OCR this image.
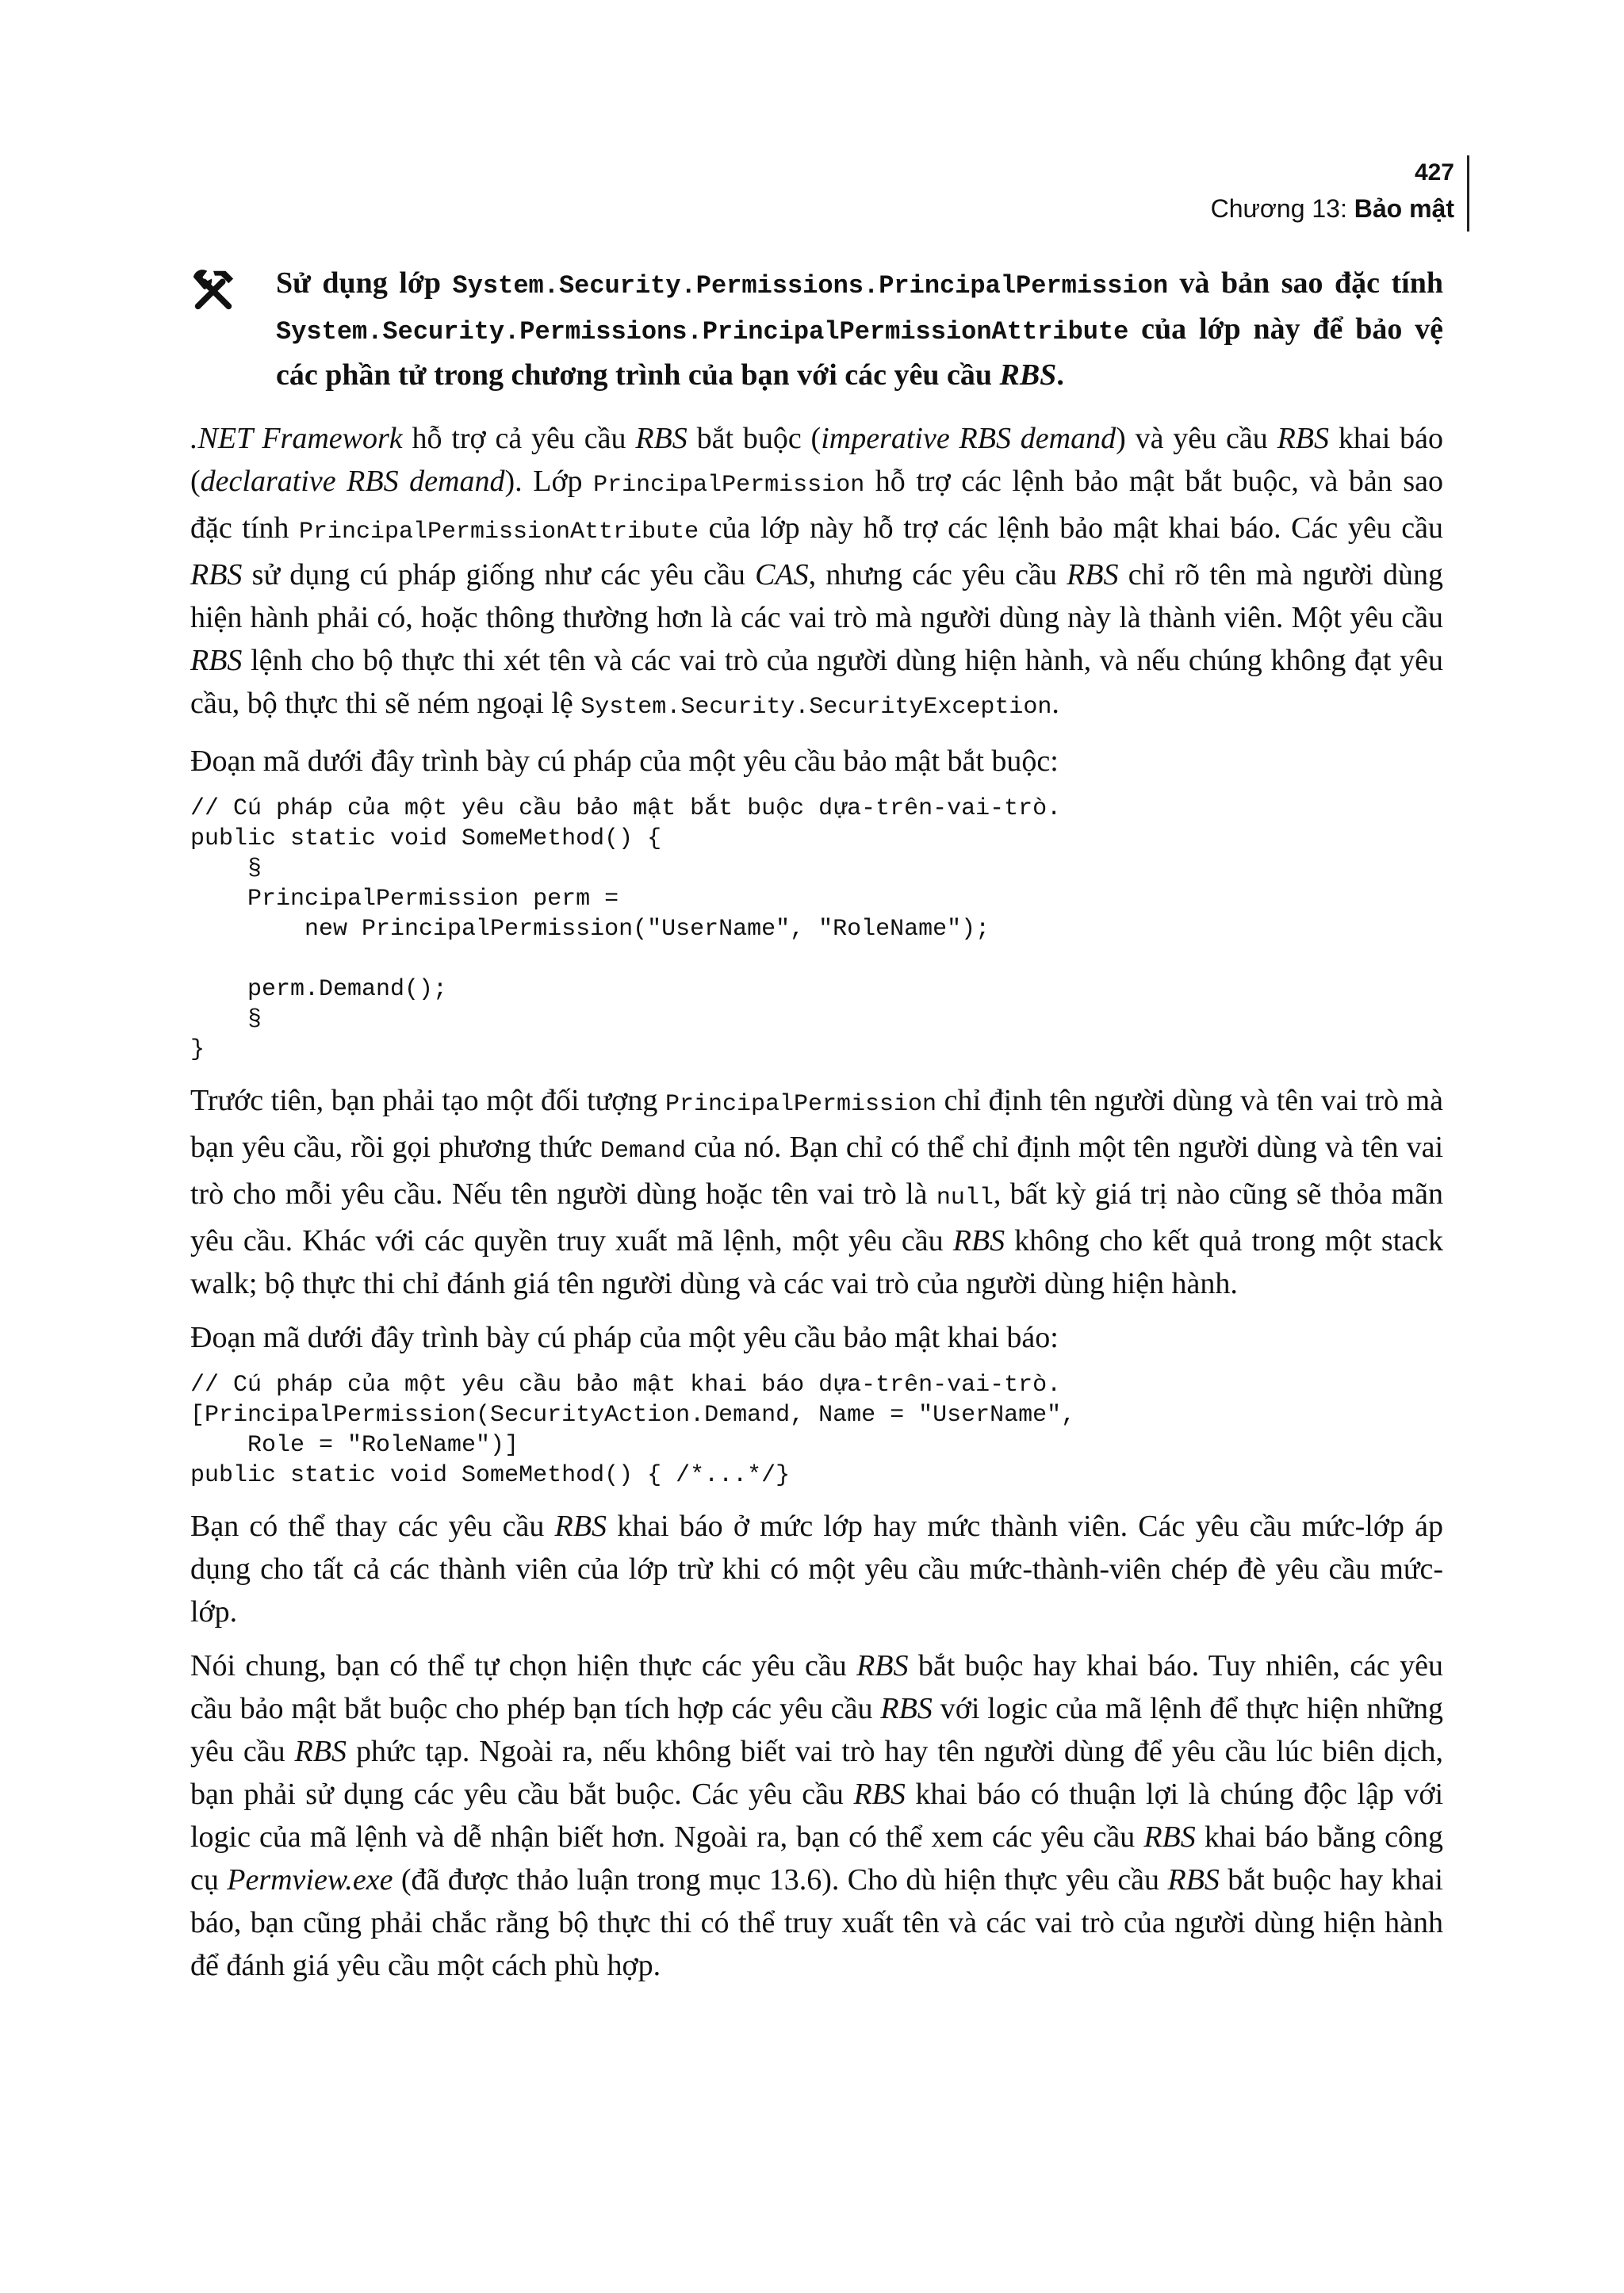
427
Chương 13: Bảo mật
Sử dụng lớp System.Security.Permissions.PrincipalPermission và bản sao đặc tính System.Security.Permissions.PrincipalPermissionAttribute của lớp này để bảo vệ các phần tử trong chương trình của bạn với các yêu cầu RBS.

.NET Framework hỗ trợ cả yêu cầu RBS bắt buộc (imperative RBS demand) và yêu cầu RBS khai báo (declarative RBS demand). Lớp PrincipalPermission hỗ trợ các lệnh bảo mật bắt buộc, và bản sao đặc tính PrincipalPermissionAttribute của lớp này hỗ trợ các lệnh bảo mật khai báo. Các yêu cầu RBS sử dụng cú pháp giống như các yêu cầu CAS, nhưng các yêu cầu RBS chỉ rõ tên mà người dùng hiện hành phải có, hoặc thông thường hơn là các vai trò mà người dùng này là thành viên. Một yêu cầu RBS lệnh cho bộ thực thi xét tên và các vai trò của người dùng hiện hành, và nếu chúng không đạt yêu cầu, bộ thực thi sẽ ném ngoại lệ System.Security.SecurityException.

Đoạn mã dưới đây trình bày cú pháp của một yêu cầu bảo mật bắt buộc:

// Cú pháp của một yêu cầu bảo mật bắt buộc dựa-trên-vai-trò.
public static void SomeMethod() {
§
PrincipalPermission perm =
new PrincipalPermission("UserName", "RoleName");

perm.Demand();
§
}

Trước tiên, bạn phải tạo một đối tượng PrincipalPermission chỉ định tên người dùng và tên vai trò mà bạn yêu cầu, rồi gọi phương thức Demand của nó. Bạn chỉ có thể chỉ định một tên người dùng và tên vai trò cho mỗi yêu cầu. Nếu tên người dùng hoặc tên vai trò là null, bất kỳ giá trị nào cũng sẽ thỏa mãn yêu cầu. Khác với các quyền truy xuất mã lệnh, một yêu cầu RBS không cho kết quả trong một stack walk; bộ thực thi chỉ đánh giá tên người dùng và các vai trò của người dùng hiện hành.

Đoạn mã dưới đây trình bày cú pháp của một yêu cầu bảo mật khai báo:

// Cú pháp của một yêu cầu bảo mật khai báo dựa-trên-vai-trò.
[PrincipalPermission(SecurityAction.Demand, Name = "UserName",
Role = "RoleName")]
public static void SomeMethod() { /*...*/}

Bạn có thể thay các yêu cầu RBS khai báo ở mức lớp hay mức thành viên. Các yêu cầu mức-lớp áp dụng cho tất cả các thành viên của lớp trừ khi có một yêu cầu mức-thành-viên chép đè yêu cầu mức-lớp.

Nói chung, bạn có thể tự chọn hiện thực các yêu cầu RBS bắt buộc hay khai báo. Tuy nhiên, các yêu cầu bảo mật bắt buộc cho phép bạn tích hợp các yêu cầu RBS với logic của mã lệnh để thực hiện những yêu cầu RBS phức tạp. Ngoài ra, nếu không biết vai trò hay tên người dùng để yêu cầu lúc biên dịch, bạn phải sử dụng các yêu cầu bắt buộc. Các yêu cầu RBS khai báo có thuận lợi là chúng độc lập với logic của mã lệnh và dễ nhận biết hơn. Ngoài ra, bạn có thể xem các yêu cầu RBS khai báo bằng công cụ Permview.exe (đã được thảo luận trong mục 13.6). Cho dù hiện thực yêu cầu RBS bắt buộc hay khai báo, bạn cũng phải chắc rằng bộ thực thi có thể truy xuất tên và các vai trò của người dùng hiện hành để đánh giá yêu cầu một cách phù hợp.
